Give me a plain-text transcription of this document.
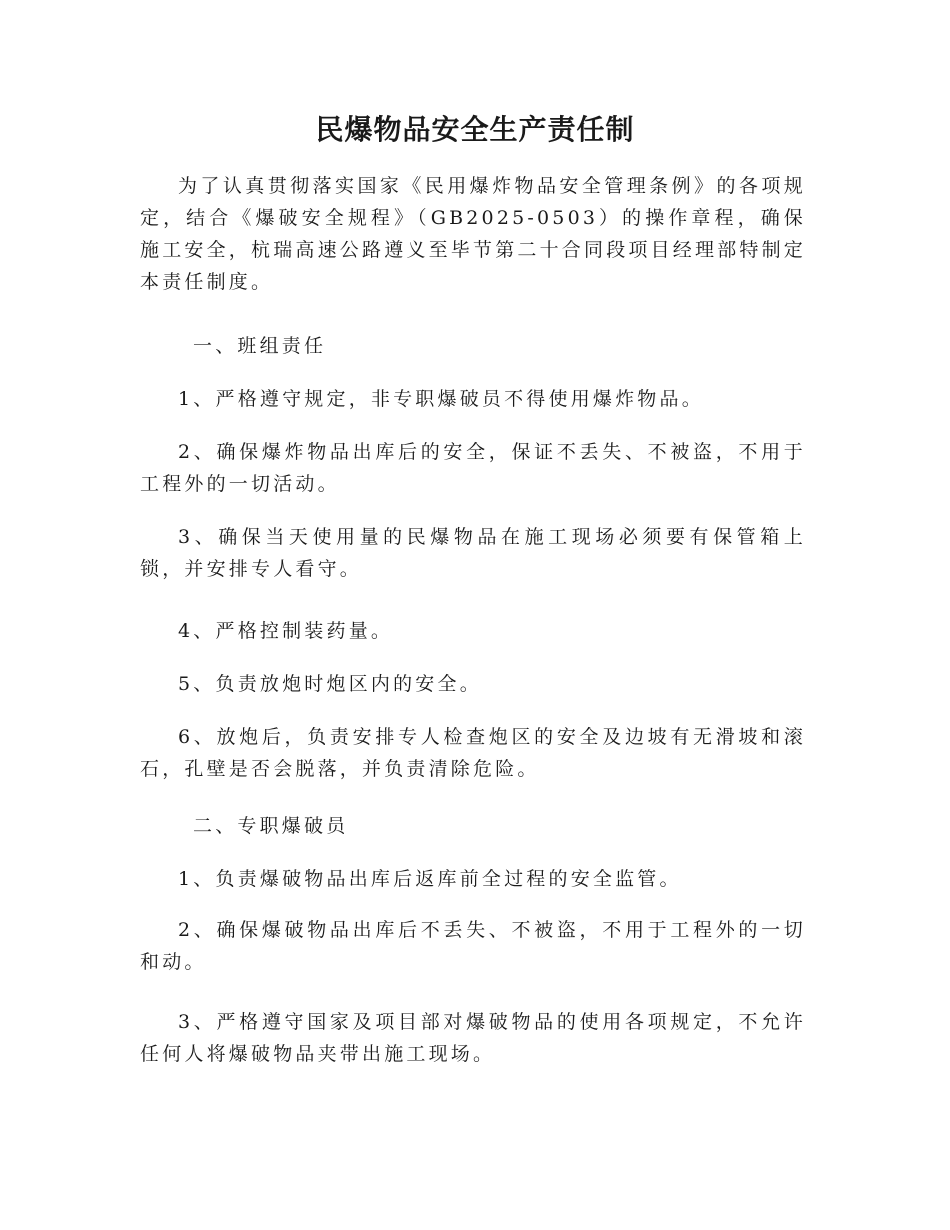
民爆物品安全生产责任制

为了认真贯彻落实国家《民用爆炸物品安全管理条例》的各项规定，结合《爆破安全规程》（GB2025-0503）的操作章程，确保施工安全，杭瑞高速公路遵义至毕节第二十合同段项目经理部特制定本责任制度。

一、班组责任

1、严格遵守规定，非专职爆破员不得使用爆炸物品。

2、确保爆炸物品出库后的安全，保证不丢失、不被盗，不用于工程外的一切活动。

3、确保当天使用量的民爆物品在施工现场必须要有保管箱上锁，并安排专人看守。

4、严格控制装药量。

5、负责放炮时炮区内的安全。

6、放炮后，负责安排专人检查炮区的安全及边坡有无滑坡和滚石，孔壁是否会脱落，并负责清除危险。

二、专职爆破员

1、负责爆破物品出库后返库前全过程的安全监管。

2、确保爆破物品出库后不丢失、不被盗，不用于工程外的一切和动。

3、严格遵守国家及项目部对爆破物品的使用各项规定，不允许任何人将爆破物品夹带出施工现场。
